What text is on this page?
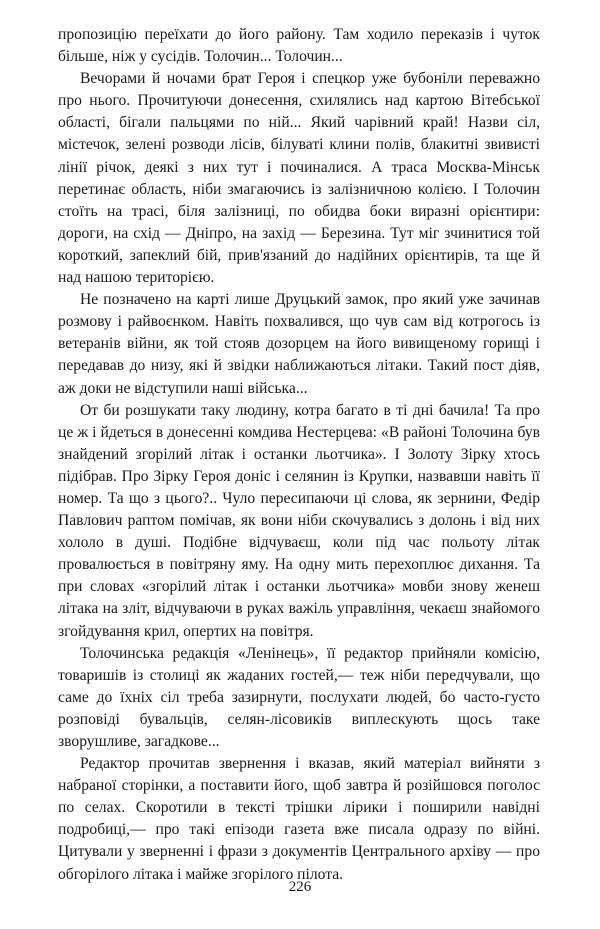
пропозицію переїхати до його району. Там ходило переказів і чуток більше, ніж у сусідів. Толочин... Толочин...

Вечорами й ночами брат Героя і спецкор уже бубоніли переважно про нього. Прочитуючи донесення, схилялись над картою Вітебської області, бігали пальцями по ній... Який чарівний край! Назви сіл, містечок, зелені розводи лісів, білуваті клини полів, блакитні звивисті лінії річок, деякі з них тут і починалися. А траса Москва-Мінськ перетинає область, ніби змагаючись із залізничною колією. І Толочин стоїть на трасі, біля залізниці, по обидва боки виразні орієнтири: дороги, на схід — Дніпро, на захід — Березина. Тут міг зчинитися той короткий, запеклий бій, прив'язаний до надійних орієнтирів, та ще й над нашою територією.

Не позначено на карті лише Друцький замок, про який уже зачинав розмову і райвоєнком. Навіть похвалився, що чув сам від котрогось із ветеранів війни, як той стояв дозорцем на його вивищеному горищі і передавав до низу, які й звідки наближаються літаки. Такий пост діяв, аж доки не відступили наші війська...

От би розшукати таку людину, котра багато в ті дні бачила! Та про це ж і йдеться в донесенні комдива Нестерцева: «В районі Толочина був знайдений згорілий літак і останки льотчика». І Золоту Зірку хтось підібрав. Про Зірку Героя доніс і селянин із Крупки, назвавши навіть її номер. Та що з цього?.. Чуло пересипаючи ці слова, як зернини, Федір Павлович раптом помічав, як вони ніби скочувались з долонь і від них хололо в душі. Подібне відчуваєш, коли під час польоту літак провалюється в повітряну яму. На одну мить перехоплює дихання. Та при словах «згорілий літак і останки льотчика» мовби знову женеш літака на зліт, відчуваючи в руках важіль управління, чекаєш знайомого згойдування крил, опертих на повітря.

Толочинська редакція «Ленінець», її редактор прийняли комісію, товаришів із столиці як жаданих гостей,— теж ніби передчували, що саме до їхніх сіл треба зазирнути, послухати людей, бо часто-густо розповіді бувальців, селян-лісовиків виплескують щось таке зворушливе, загадкове...

Редактор прочитав звернення і вказав, який матеріал вийняти з набраної сторінки, а поставити його, щоб завтра й розійшовся поголос по селах. Скоротили в тексті трішки лірики і поширили навідні подробиці,— про такі епізоди газета вже писала одразу по війні. Цитували у зверненні і фрази з документів Центрального архіву — про обгорілого літака і майже згорілого пілота.

226
